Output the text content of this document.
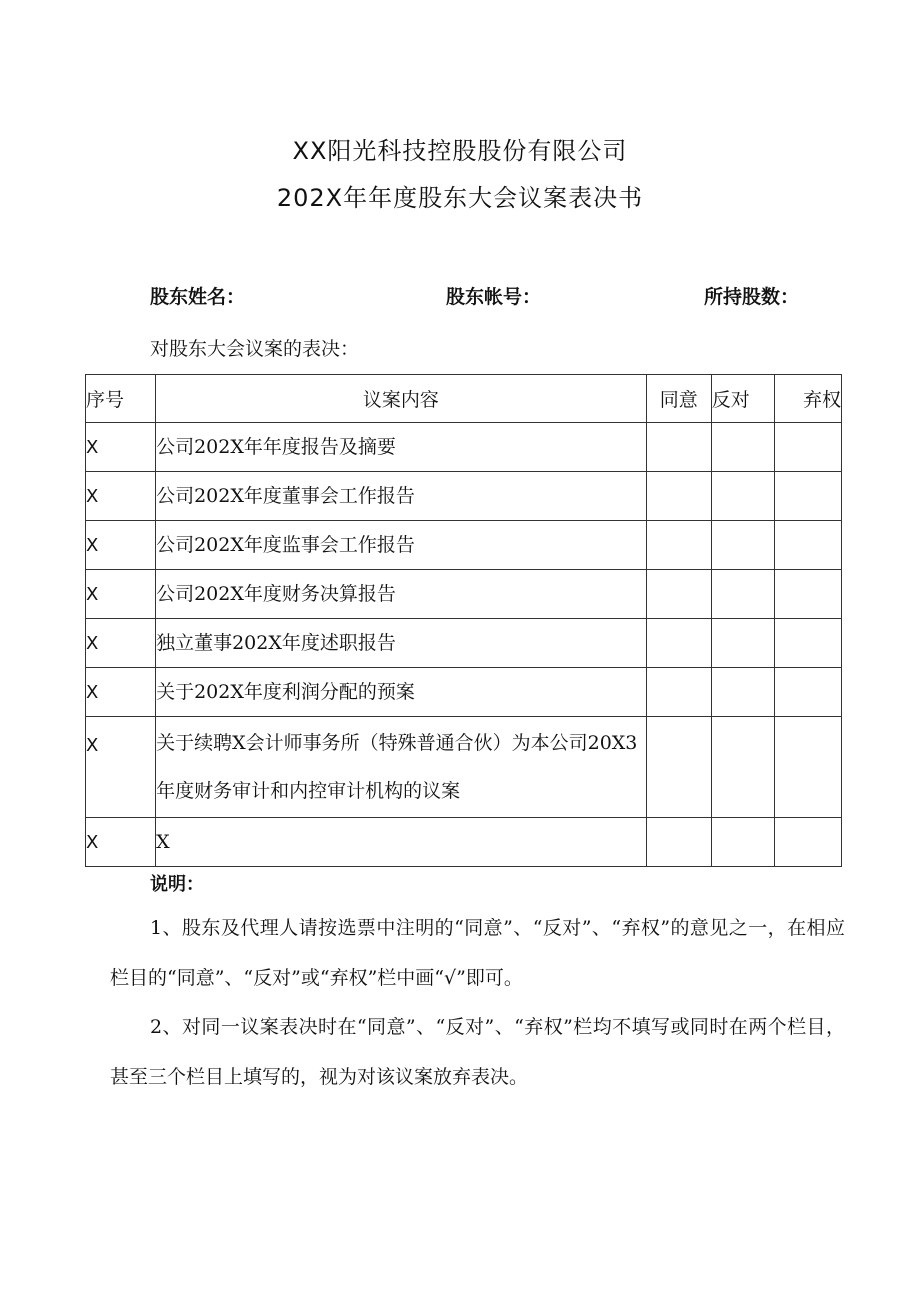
XX阳光科技控股股份有限公司
202X年年度股东大会议案表决书
股东姓名：	股东帐号：	所持股数：
对股东大会议案的表决：
序号	议案内容	同意	反对	弃权
X	公司202X年年度报告及摘要			
X	公司202X年度董事会工作报告			
X	公司202X年度监事会工作报告			
X	公司202X年度财务决算报告			
X	独立董事202X年度述职报告			
X	关于202X年度利润分配的预案			
X	关于续聘X会计师事务所（特殊普通合伙）为本公司20X3年度财务审计和内控审计机构的议案			
X	X			
说明：

1、股东及代理人请按选票中注明的“同意”、“反对”、“弃权”的意见之一，在相应栏目的“同意”、“反对”或“弃权”栏中画“√”即可。

2、对同一议案表决时在“同意”、“反对”、“弃权”栏均不填写或同时在两个栏目，甚至三个栏目上填写的，视为对该议案放弃表决。
